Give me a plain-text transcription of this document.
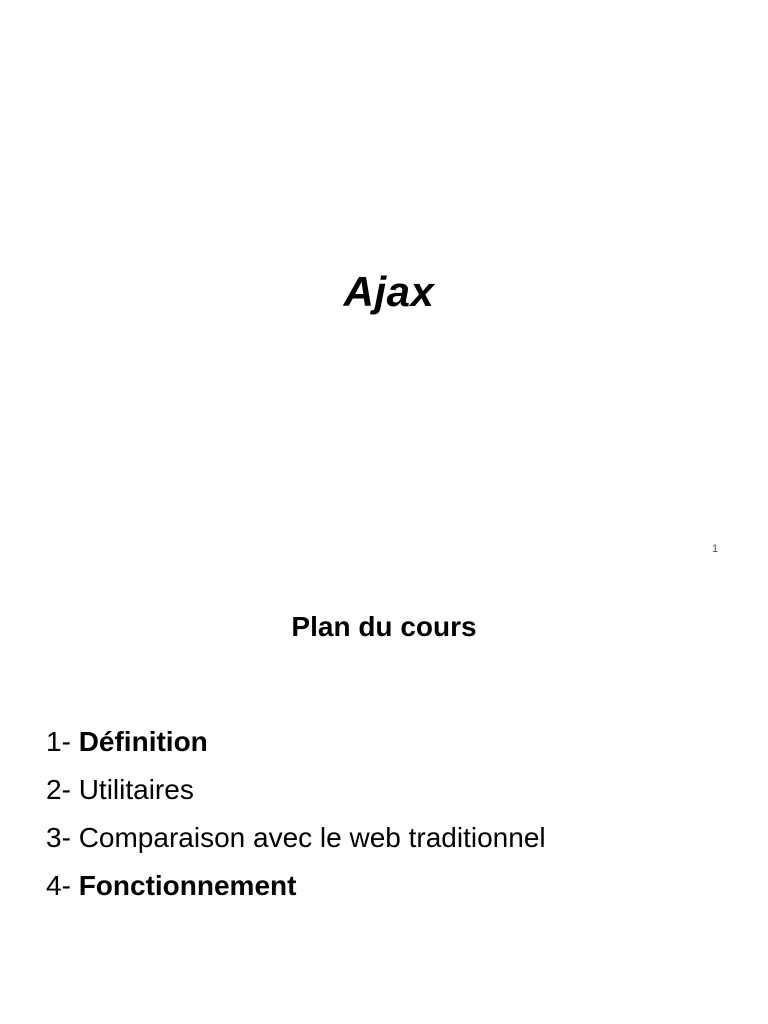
Ajax
1
Plan du cours
1- Définition
2- Utilitaires
3- Comparaison avec le web traditionnel
4- Fonctionnement
